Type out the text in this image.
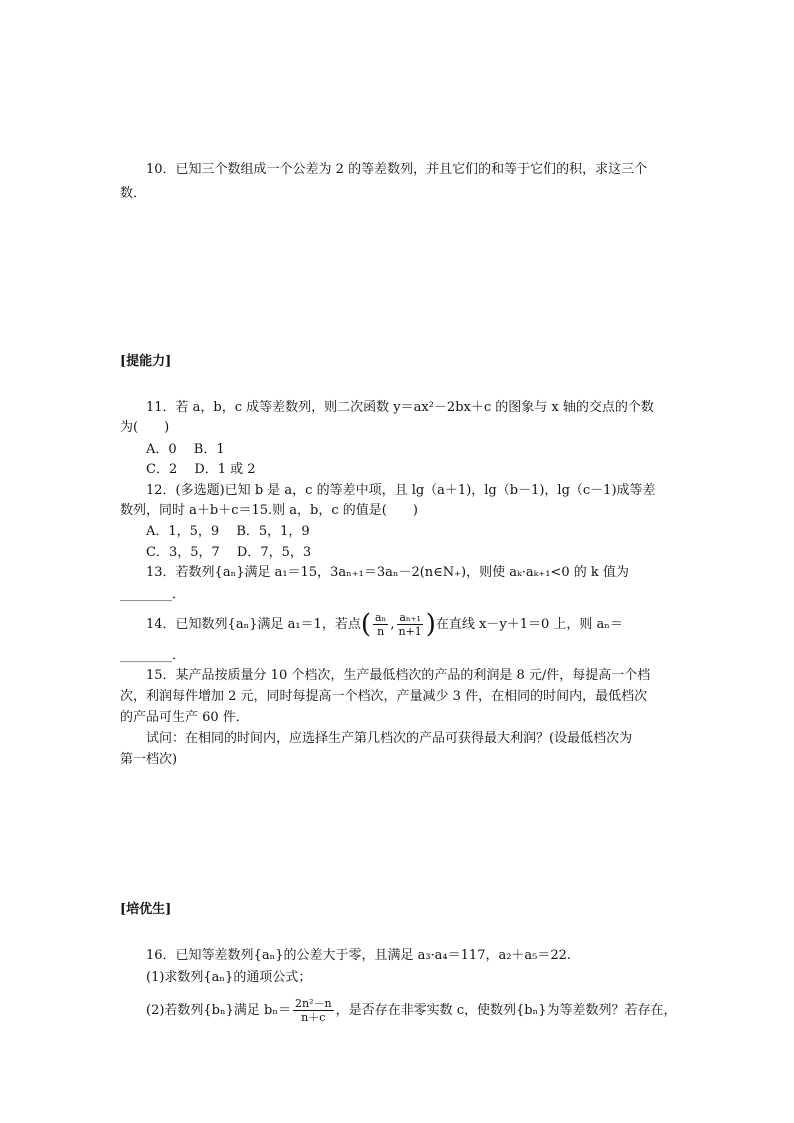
10．已知三个数组成一个公差为 2 的等差数列，并且它们的和等于它们的积，求这三个
数．
[提能力]
11．若 a，b，c 成等差数列，则二次函数 y＝ax²－2bx＋c 的图象与 x 轴的交点的个数
为(　　)
A．0　 B．1
C．2　 D．1 或 2
12．(多选题)已知 b 是 a，c 的等差中项，且 lg（a＋1)，lg（b－1)，lg（c－1)成等差
数列，同时 a＋b＋c＝15.则 a，b，c 的值是(　　)
A．1，5，9　 B．5，1，9
C．3，5，7　 D．7，5，3
13．若数列{aₙ}满足 a₁＝15，3aₙ₊₁＝3aₙ－2(n∈N₊)，则使 aₖ·aₖ₊₁<0 的 k 值为
________．
14．已知数列{aₙ}满足 a₁＝1，若点( $\frac{\text{aₙ}}{n}$ , $\frac{\text{aₙ₊₁}}{n+1}$ )在直线 x－y＋1＝0 上，则 aₙ＝
________．
15．某产品按质量分 10 个档次，生产最低档次的产品的利润是 8 元/件，每提高一个档
次，利润每件增加 2 元，同时每提高一个档次，产量减少 3 件，在相同的时间内，最低档次
的产品可生产 60 件．
试问：在相同的时间内，应选择生产第几档次的产品可获得最大利润？(设最低档次为
第一档次)
[培优生]
16．已知等差数列{aₙ}的公差大于零，且满足 a₃·a₄＝117，a₂＋a₅＝22.
(1)求数列{aₙ}的通项公式；
(2)若数列{bₙ}满足 $b_n= \frac{\text{2n²－n}}{n+c}$ ，是否存在非零实数 c，使数列{bₙ}为等差数列？若存在，
